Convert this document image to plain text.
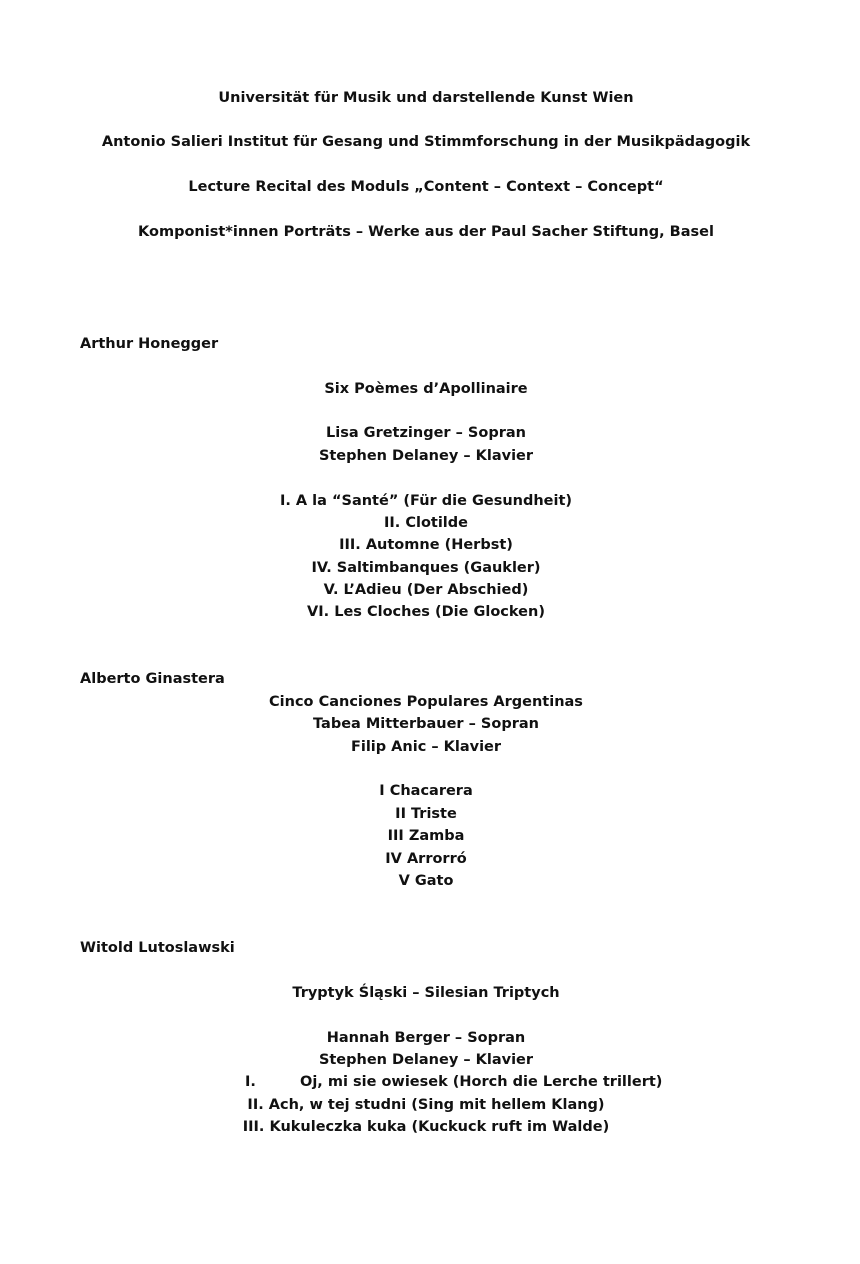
Universität für Musik und darstellende Kunst Wien
Antonio Salieri Institut für Gesang und Stimmforschung in der Musikpädagogik
Lecture Recital des Moduls „Content – Context – Concept“
Komponist*innen Porträts – Werke aus der Paul Sacher Stiftung, Basel
Arthur Honegger
Six Poèmes d’Apollinaire
Lisa Gretzinger – Sopran
Stephen Delaney – Klavier
I. A la “Santé” (Für die Gesundheit)
II. Clotilde
III. Automne (Herbst)
IV. Saltimbanques (Gaukler)
V. L’Adieu (Der Abschied)
VI. Les Cloches (Die Glocken)
Alberto Ginastera
Cinco Canciones Populares Argentinas
Tabea Mitterbauer – Sopran
Filip Anic – Klavier
I Chacarera
II Triste
III Zamba
IV Arrorró
V Gato
Witold Lutoslawski
Tryptyk Śląski – Silesian Triptych
Hannah Berger – Sopran
Stephen Delaney – Klavier
I.	Oj, mi sie owiesek (Horch die Lerche trillert)
II. Ach, w tej studni (Sing mit hellem Klang)
III. Kukuleczka kuka (Kuckuck ruft im Walde)
